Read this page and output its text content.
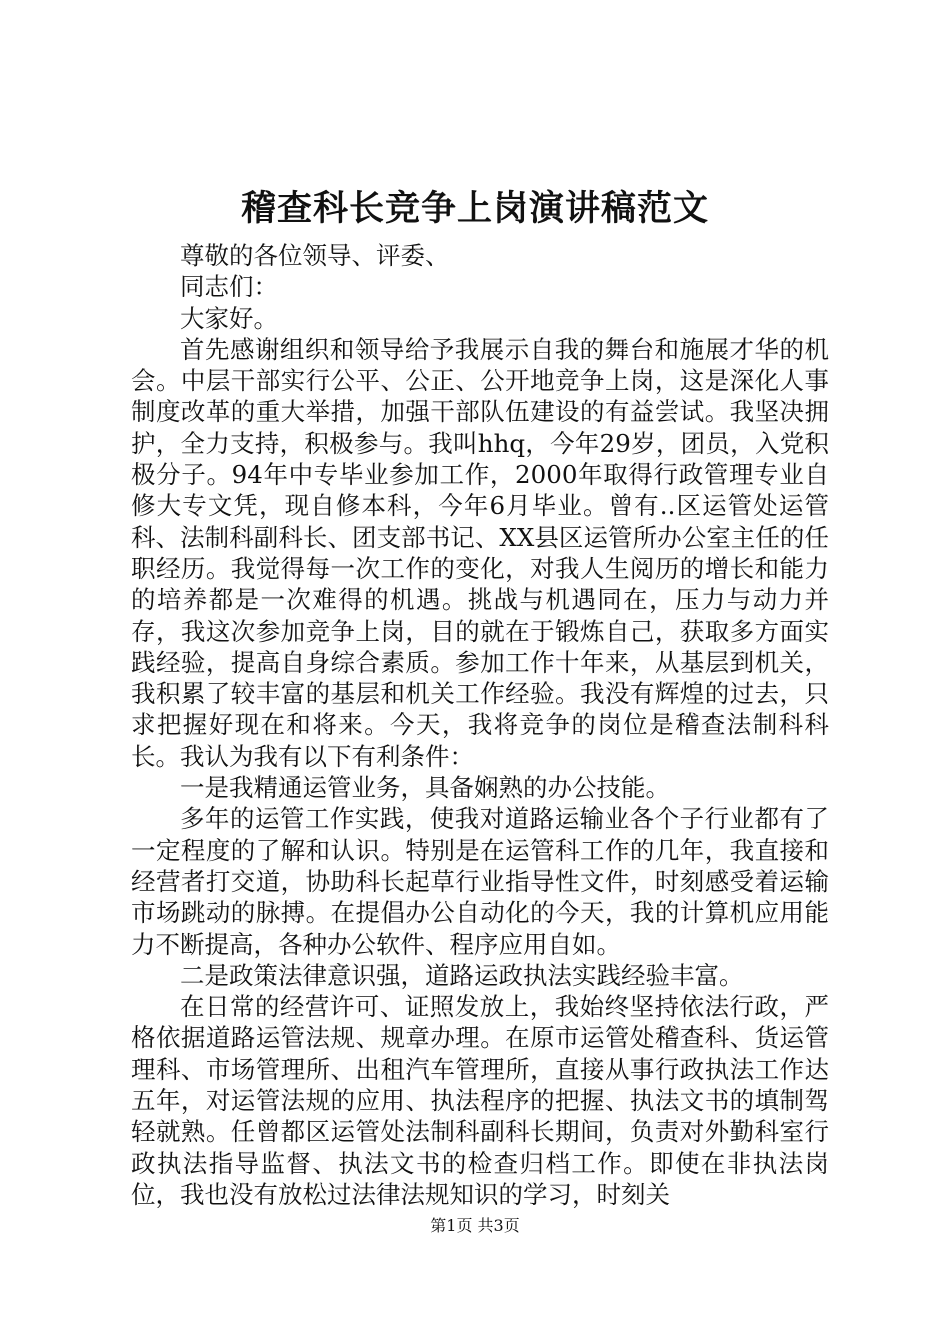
稽查科长竞争上岗演讲稿范文

尊敬的各位领导、评委、

同志们：

大家好。

首先感谢组织和领导给予我展示自我的舞台和施展才华的机会。中层干部实行公平、公正、公开地竞争上岗，这是深化人事制度改革的重大举措，加强干部队伍建设的有益尝试。我坚决拥护，全力支持，积极参与。我叫hhq，今年29岁，团员，入党积极分子。94年中专毕业参加工作，2000年取得行政管理专业自修大专文凭，现自修本科，今年6月毕业。曾有..区运管处运管科、法制科副科长、团支部书记、XX县区运管所办公室主任的任职经历。我觉得每一次工作的变化，对我人生阅历的增长和能力的培养都是一次难得的机遇。挑战与机遇同在，压力与动力并存，我这次参加竞争上岗，目的就在于锻炼自己，获取多方面实践经验，提高自身综合素质。参加工作十年来，从基层到机关，我积累了较丰富的基层和机关工作经验。我没有辉煌的过去，只求把握好现在和将来。今天，我将竞争的岗位是稽查法制科科长。我认为我有以下有利条件：

一是我精通运管业务，具备娴熟的办公技能。

多年的运管工作实践，使我对道路运输业各个子行业都有了一定程度的了解和认识。特别是在运管科工作的几年，我直接和经营者打交道，协助科长起草行业指导性文件，时刻感受着运输市场跳动的脉搏。在提倡办公自动化的今天，我的计算机应用能力不断提高，各种办公软件、程序应用自如。

二是政策法律意识强，道路运政执法实践经验丰富。

在日常的经营许可、证照发放上，我始终坚持依法行政，严格依据道路运管法规、规章办理。在原市运管处稽查科、货运管理科、市场管理所、出租汽车管理所，直接从事行政执法工作达五年，对运管法规的应用、执法程序的把握、执法文书的填制驾轻就熟。任曾都区运管处法制科副科长期间，负责对外勤科室行政执法指导监督、执法文书的检查归档工作。即使在非执法岗位，我也没有放松过法律法规知识的学习，时刻关

第1页 共3页
